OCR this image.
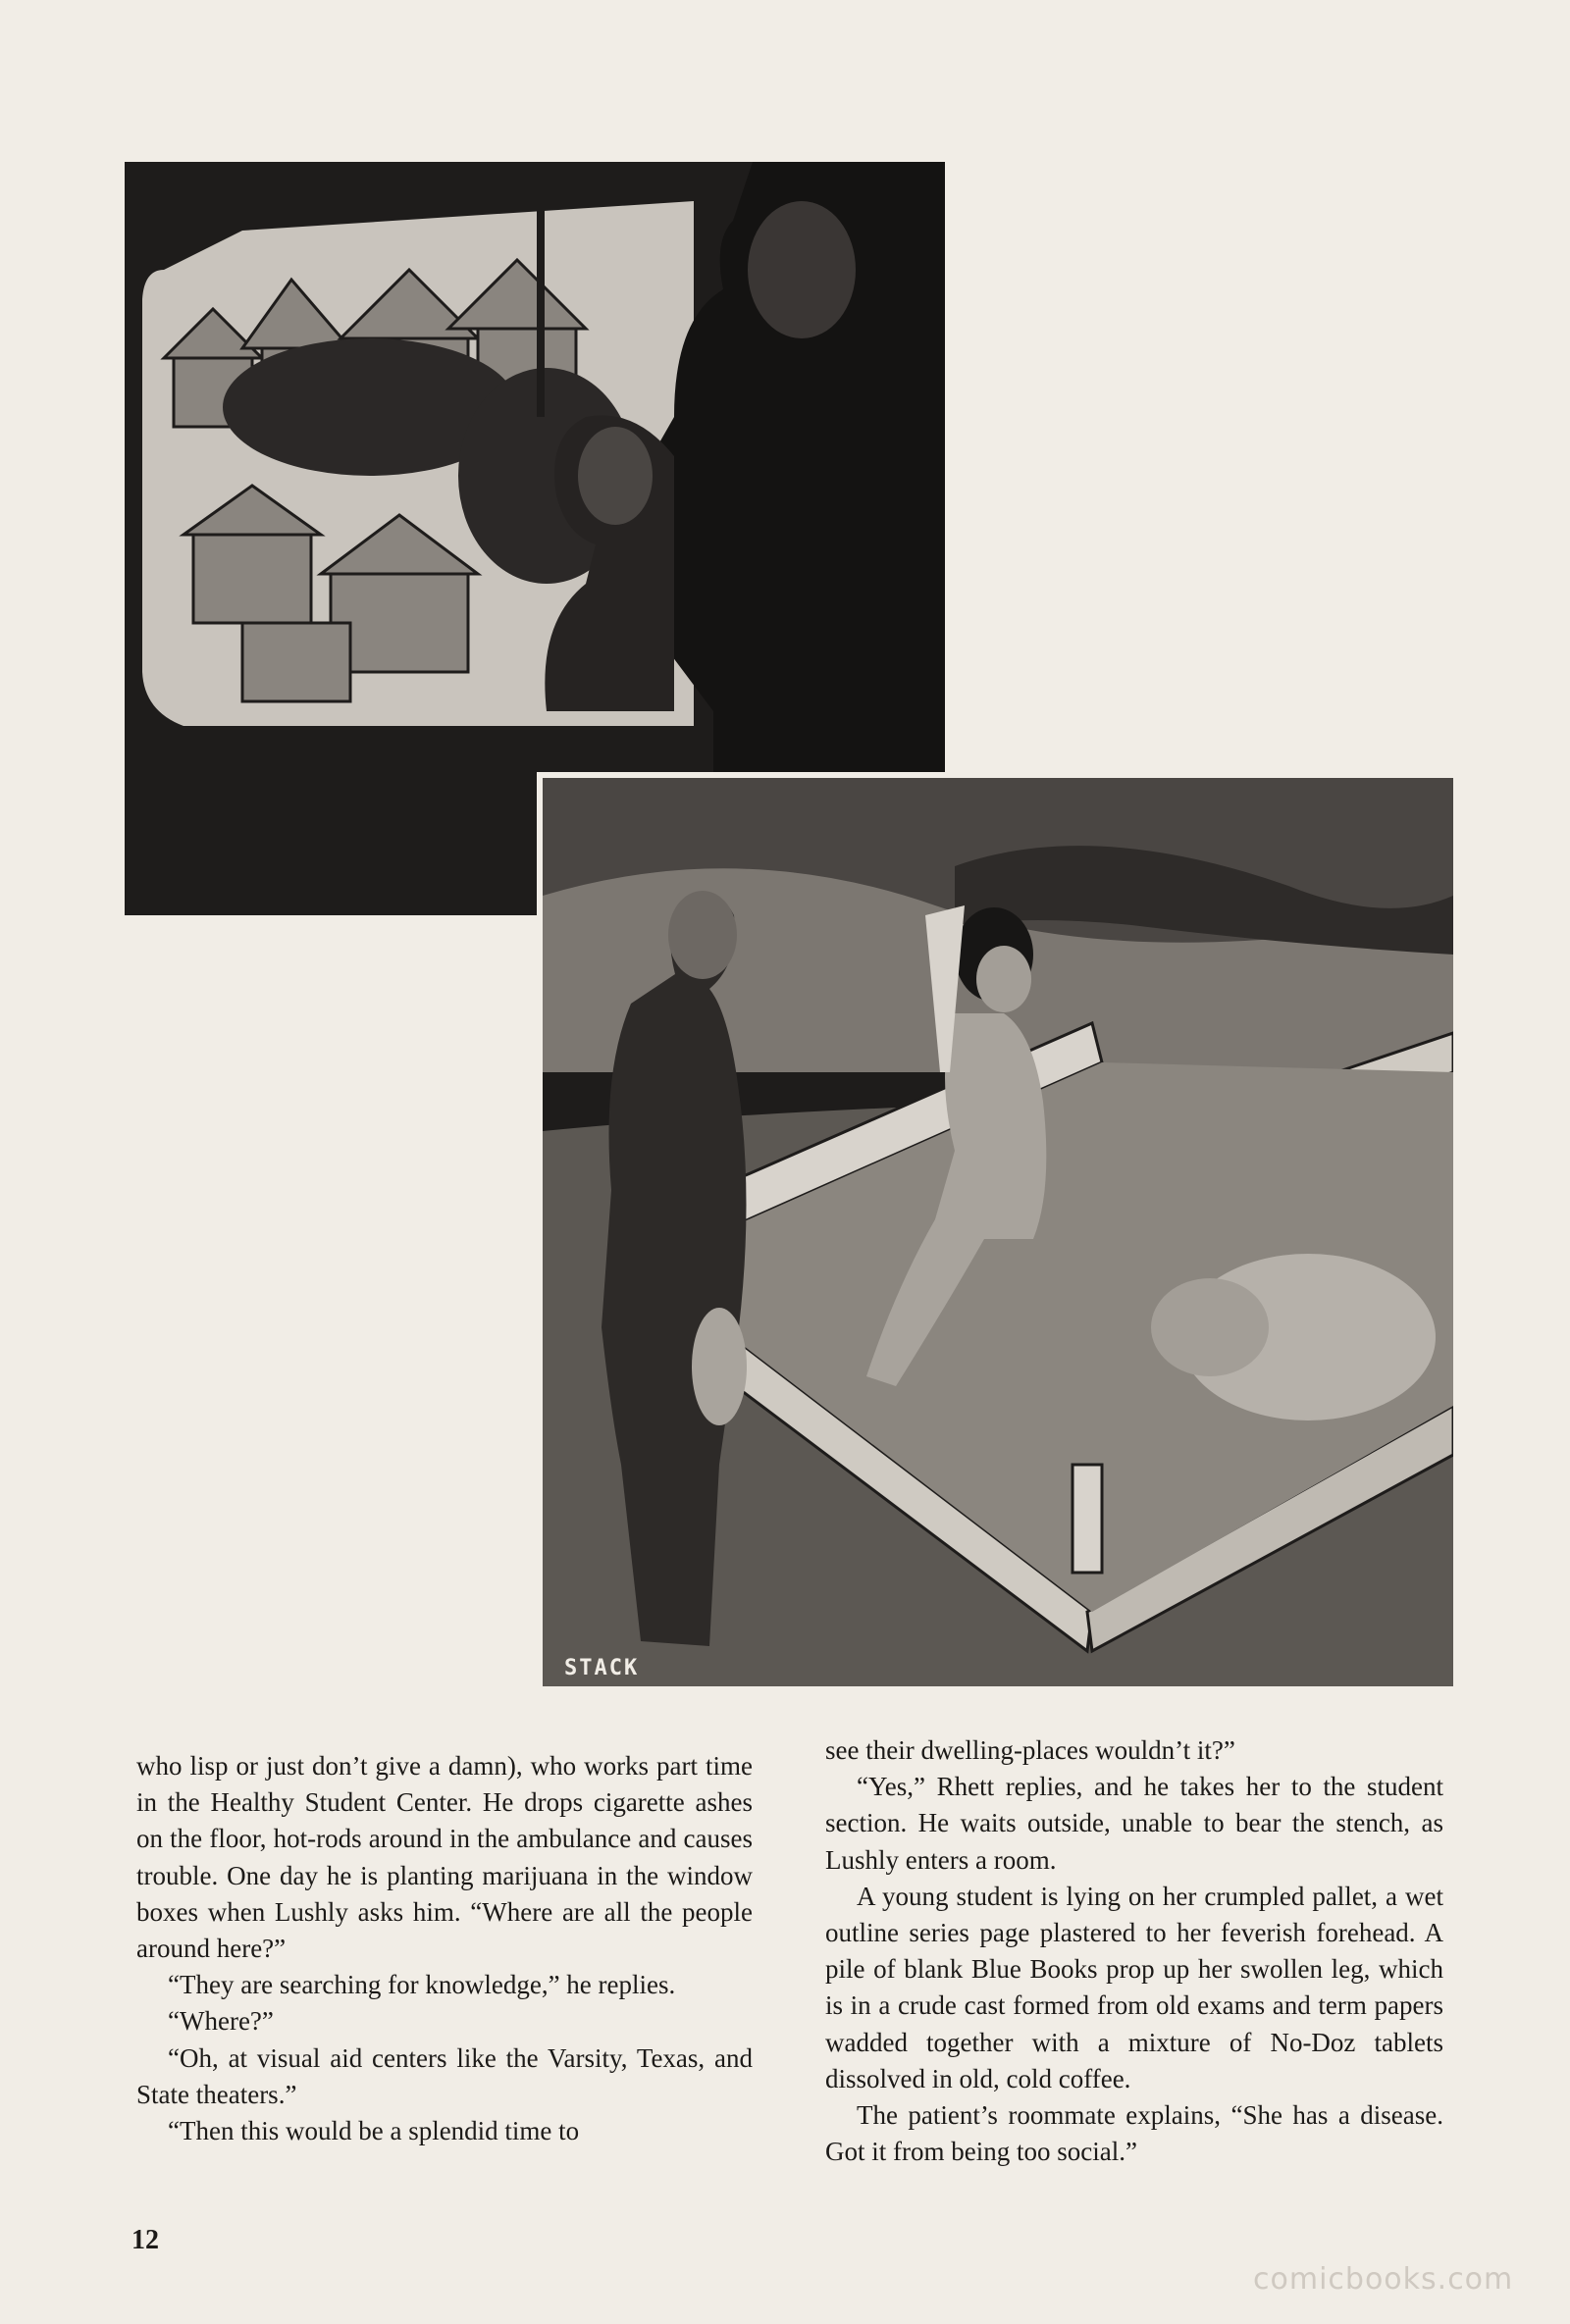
STACK

who lisp or just don’t give a damn), who works part time in the Healthy Student Center. He drops cigarette ashes on the floor, hot-rods around in the ambulance and causes trouble. One day he is planting marijuana in the window boxes when Lushly asks him. “Where are all the people around here?”

“They are searching for knowledge,” he replies.

“Where?”

“Oh, at visual aid centers like the Varsity, Texas, and State theaters.”

“Then this would be a splendid time to

see their dwelling-places wouldn’t it?”

“Yes,” Rhett replies, and he takes her to the student section. He waits outside, unable to bear the stench, as Lushly enters a room.

A young student is lying on her crumpled pallet, a wet outline series page plastered to her feverish forehead. A pile of blank Blue Books prop up her swollen leg, which is in a crude cast formed from old exams and term papers wadded together with a mixture of No-Doz tablets dissolved in old, cold coffee.

The patient’s roommate explains, “She has a disease. Got it from being too social.”

12
comicbooks.com
